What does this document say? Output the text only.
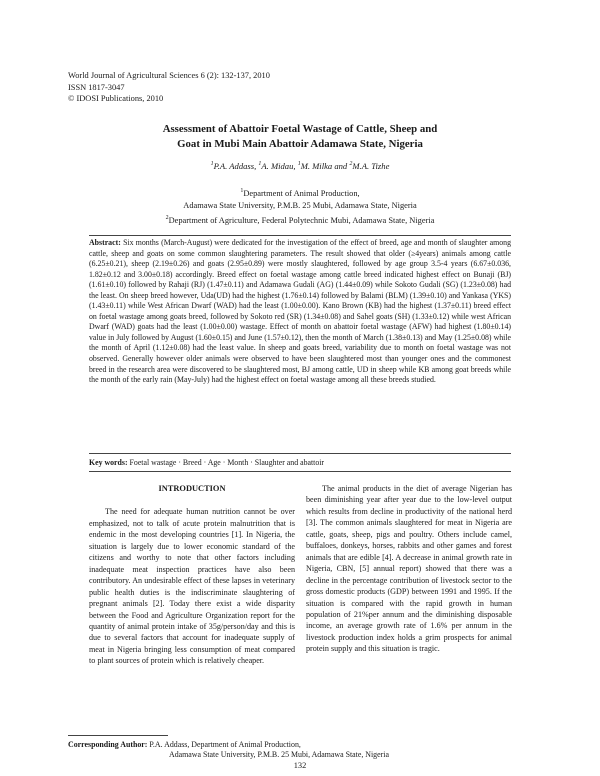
World Journal of Agricultural Sciences 6 (2): 132-137, 2010
ISSN 1817-3047
© IDOSI Publications, 2010
Assessment of Abattoir Foetal Wastage of Cattle, Sheep and
Goat in Mubi Main Abattoir Adamawa State, Nigeria
$^1$P.A. Addass, $^1$A. Midau, $^1$M. Milka and $^2$M.A. Tizhe
$^1$Department of Animal Production,
Adamawa State University, P.M.B. 25 Mubi, Adamawa State, Nigeria
$^2$Department of Agriculture, Federal Polytechnic Mubi, Adamawa State, Nigeria
Abstract: Six months (March-August) were dedicated for the investigation of the effect of breed, age and month of slaughter among cattle, sheep and goats on some common slaughtering parameters. The result showed that older (≥4years) animals among cattle (6.25±0.21), sheep (2.19±0.26) and goats (2.95±0.89) were mostly slaughtered, followed by age group 3.5-4 years (6.67±0.036, 1.82±0.12 and 3.00±0.18) accordingly. Breed effect on foetal wastage among cattle breed indicated highest effect on Bunaji (BJ) (1.61±0.10) followed by Rahaji (RJ) (1.47±0.11) and Adamawa Gudali (AG) (1.44±0.09) while Sokoto Gudali (SG) (1.23±0.08) had the least. On sheep breed however, Uda(UD) had the highest (1.76±0.14) followed by Balami (BLM) (1.39±0.10) and Yankasa (YKS) (1.43±0.11) while West African Dwarf (WAD) had the least (1.00±0.00). Kano Brown (KB) had the highest (1.37±0.11) breed effect on foetal wastage among goats breed, followed by Sokoto red (SR) (1.34±0.08) and Sahel goats (SH) (1.33±0.12) while west African Dwarf (WAD) goats had the least (1.00±0.00) wastage. Effect of month on abattoir foetal wastage (AFW) had highest (1.80±0.14) value in July followed by August (1.60±0.15) and June (1.57±0.12), then the month of March (1.38±0.13) and May (1.25±0.08) while the month of April (1.12±0.08) had the least value. In sheep and goats breed, variability due to month on foetal wastage was not observed. Generally however older animals were observed to have been slaughtered most than younger ones and the commonest breed in the research area were discovered to be slaughtered most, BJ among cattle, UD in sheep while KB among goat breeds while the month of the early rain (May-July) had the highest effect on foetal wastage among all these breeds studied.
Key words: Foetal wastage · Breed · Age · Month · Slaughter and abattoir
INTRODUCTION

The need for adequate human nutrition cannot be over emphasized, not to talk of acute protein malnutrition that is endemic in the most developing countries [1]. In Nigeria, the situation is largely due to lower economic standard of the citizens and worthy to note that other factors including inadequate meat inspection practices have also been contributory. An undesirable effect of these lapses in veterinary public health duties is the indiscriminate slaughtering of pregnant animals [2]. Today there exist a wide disparity between the Food and Agriculture Organization report for the quantity of animal protein intake of 35g/person/day and this is due to several factors that account for inadequate supply of meat in Nigeria bringing less consumption of meat compared to plant sources of protein which is relatively cheaper.

The animal products in the diet of average Nigerian has been diminishing year after year due to the low-level output which results from decline in productivity of the national herd [3]. The common animals slaughtered for meat in Nigeria are cattle, goats, sheep, pigs and poultry. Others include camel, buffaloes, donkeys, horses, rabbits and other games and forest animals that are edible [4]. A decrease in animal growth rate in Nigeria, CBN, [5] annual report) showed that there was a decline in the percentage contribution of livestock sector to the gross domestic products (GDP) between 1991 and 1995. If the situation is compared with the rapid growth in human population of 21%per annum and the diminishing disposable income, an average growth rate of 1.6% per annum in the livestock production index holds a grim prospects for animal protein supply and this situation is tragic.

Corresponding Author: P.A. Addass, Department of Animal Production,
Adamawa State University, P.M.B. 25 Mubi, Adamawa State, Nigeria
132
